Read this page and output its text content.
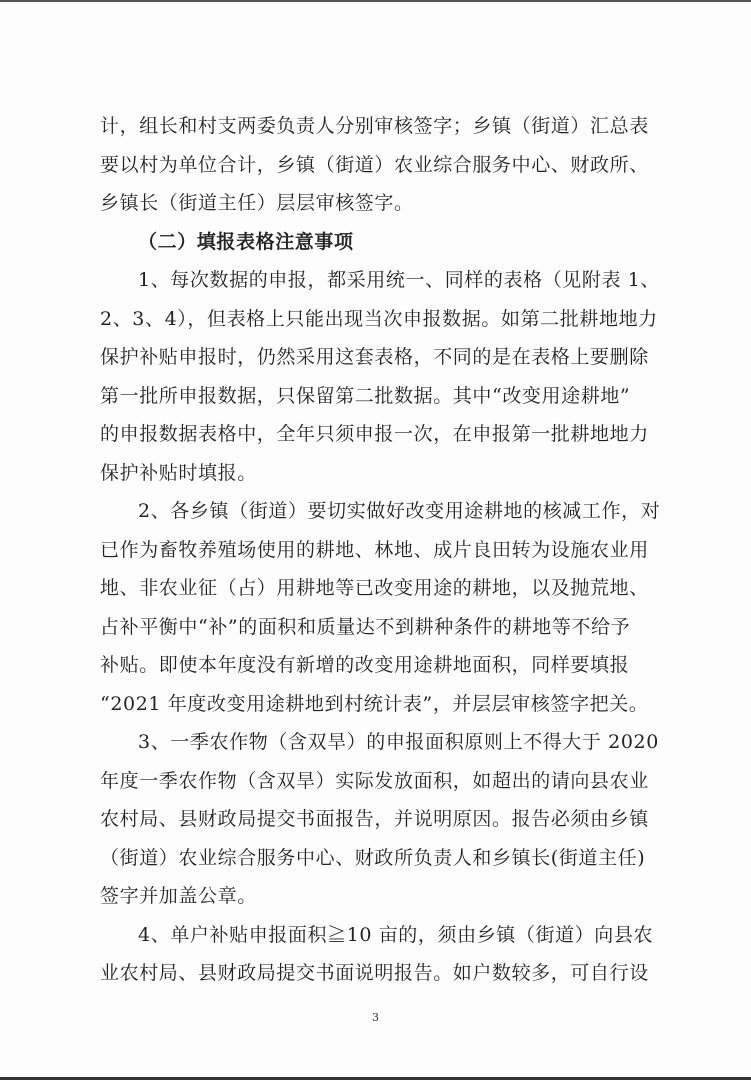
计，组长和村支两委负责人分别审核签字；乡镇（街道）汇总表
要以村为单位合计，乡镇（街道）农业综合服务中心、财政所、
乡镇长（街道主任）层层审核签字。
（二）填报表格注意事项
1、每次数据的申报，都采用统一、同样的表格（见附表 1、
2、3、4），但表格上只能出现当次申报数据。如第二批耕地地力
保护补贴申报时，仍然采用这套表格，不同的是在表格上要删除
第一批所申报数据，只保留第二批数据。其中“改变用途耕地”
的申报数据表格中，全年只须申报一次，在申报第一批耕地地力
保护补贴时填报。
2、各乡镇（街道）要切实做好改变用途耕地的核减工作，对
已作为畜牧养殖场使用的耕地、林地、成片良田转为设施农业用
地、非农业征（占）用耕地等已改变用途的耕地，以及抛荒地、
占补平衡中“补”的面积和质量达不到耕种条件的耕地等不给予
补贴。即使本年度没有新增的改变用途耕地面积，同样要填报
“2021 年度改变用途耕地到村统计表”，并层层审核签字把关。
3、一季农作物（含双旱）的申报面积原则上不得大于 2020
年度一季农作物（含双旱）实际发放面积，如超出的请向县农业
农村局、县财政局提交书面报告，并说明原因。报告必须由乡镇
（街道）农业综合服务中心、财政所负责人和乡镇长(街道主任)
签字并加盖公章。
4、单户补贴申报面积≧10 亩的，须由乡镇（街道）向县农
业农村局、县财政局提交书面说明报告。如户数较多，可自行设
3
